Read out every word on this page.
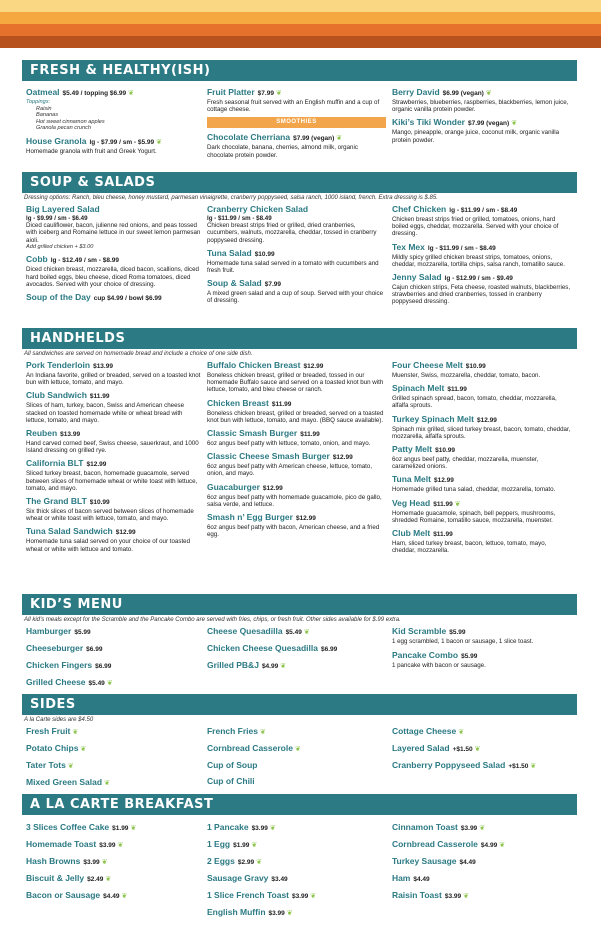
FRESH & HEALTHY(ISH)
Oatmeal $5.49 / topping $6.99 ❦
Toppings:
Raisin
Bananas
Hot sweet cinnamon apples
Granola pecan crunch
House Granola lg - $7.99 / sm - $5.99 ❦
Homemade granola with fruit and Greek Yogurt.
Fruit Platter $7.99 ❦
Fresh seasonal fruit served with an English muffin and a cup of cottage cheese.
SMOOTHIES
Chocolate Cherriana $7.99 (vegan) ❦
Dark chocolate, banana, cherries, almond milk, organic chocolate protein powder.
Berry David $6.99 (vegan) ❦
Strawberries, blueberries, raspberries, blackberries, lemon juice, organic vanilla protein powder.
Kiki’s Tiki Wonder $7.99 (vegan) ❦
Mango, pineapple, orange juice, coconut milk, organic vanilla protein powder.
SOUP & SALADS
Dressing options: Ranch, bleu cheese, honey mustard, parmesan vinaigrette, cranberry poppyseed, salsa ranch, 1000 island, french. Extra dressing is $.85.
Big Layered Salad
lg - $9.99 / sm - $6.49
Diced cauliflower, bacon, julienne red onions, and peas tossed with iceberg and Romaine lettuce in our sweet lemon parmesan aioli.
Add grilled chicken + $3.00
Cobb lg - $12.49 / sm - $8.99
Diced chicken breast, mozzarella, diced bacon, scallions, diced hard boiled eggs, bleu cheese, diced Roma tomatoes, diced avocados. Served with your choice of dressing.
Soup of the Day cup $4.99 / bowl $6.99
Cranberry Chicken Salad
lg - $11.99 / sm - $8.49
Chicken breast strips fried or grilled, dried cranberries, cucumbers, walnuts, mozzarella, cheddar, tossed in cranberry poppyseed dressing.
Tuna Salad $10.99
Homemade tuna salad served in a tomato with cucumbers and fresh fruit.
Soup & Salad $7.99
A mixed green salad and a cup of soup. Served with your choice of dressing.
Chef Chicken lg - $11.99 / sm - $8.49
Chicken breast strips fried or grilled, tomatoes, onions, hard boiled eggs, cheddar, mozzarella. Served with your choice of dressing.
Tex Mex lg - $11.99 / sm - $8.49
Mildly spicy grilled chicken breast strips, tomatoes, onions, cheddar, mozzarella, tortilla chips, salsa ranch, tomatillo sauce.
Jenny Salad lg - $12.99 / sm - $9.49
Cajun chicken strips, Feta cheese, roasted walnuts, blackberries, strawberries and dried cranberries, tossed in cranberry poppyseed dressing.
HANDHELDS
All sandwiches are served on homemade bread and include a choice of one side dish.
Pork Tenderloin $13.99
An Indiana favorite, grilled or breaded, served on a toasted knot bun with lettuce, tomato, and mayo.
Club Sandwich $11.99
Slices of ham, turkey, bacon, Swiss and American cheese stacked on toasted homemade white or wheat bread with lettuce, tomato, and mayo.
Reuben $13.99
Hand carved corned beef, Swiss cheese, sauerkraut, and 1000 Island dressing on grilled rye.
California BLT $12.99
Sliced turkey breast, bacon, homemade guacamole, served between slices of homemade wheat or white toast with lettuce, tomato, and mayo.
The Grand BLT $10.99
Six thick slices of bacon served between slices of homemade wheat or white toast with lettuce, tomato, and mayo.
Tuna Salad Sandwich $12.99
Homemade tuna salad served on your choice of our toasted wheat or white with lettuce and tomato.
Buffalo Chicken Breast $12.99
Boneless chicken breast, grilled or breaded, tossed in our homemade Buffalo sauce and served on a toasted knot bun with lettuce, tomato, and bleu cheese or ranch.
Chicken Breast $11.99
Boneless chicken breast, grilled or breaded, served on a toasted knot bun with lettuce, tomato, and mayo. (BBQ sauce available).
Classic Smash Burger $11.99
6oz angus beef patty with lettuce, tomato, onion, and mayo.
Classic Cheese Smash Burger $12.99
6oz angus beef patty with American cheese, lettuce, tomato, onion, and mayo.
Guacaburger $12.99
6oz angus beef patty with homemade guacamole, pico de gallo, salsa verde, and lettuce.
Smash n’ Egg Burger $12.99
6oz angus beef patty with bacon, American cheese, and a fried egg.
Four Cheese Melt $10.99
Muenster, Swiss, mozzarella, cheddar, tomato, bacon.
Spinach Melt $11.99
Grilled spinach spread, bacon, tomato, cheddar, mozzarella, alfalfa sprouts.
Turkey Spinach Melt $12.99
Spinach mix grilled, sliced turkey breast, bacon, tomato, cheddar, mozzarella, alfalfa sprouts.
Patty Melt $10.99
6oz angus beef patty, cheddar, mozzarella, muenster, caramelized onions.
Tuna Melt $12.99
Homemade grilled tuna salad, cheddar, mozzarella, tomato.
Veg Head $11.99 ❦
Homemade guacamole, spinach, bell peppers, mushrooms, shredded Romaine, tomatillo sauce, mozzarella, muenster.
Club Melt $11.99
Ham, sliced turkey breast, bacon, lettuce, tomato, mayo, cheddar, mozzarella.
KID’S MENU
All kid’s meals except for the Scramble and the Pancake Combo are served with fries, chips, or fresh fruit. Other sides available for $.99 extra.
Hamburger $5.99
Cheeseburger $6.99
Chicken Fingers $6.99
Grilled Cheese $5.49 ❦
Cheese Quesadilla $5.49 ❦
Chicken Cheese Quesadilla $6.99
Grilled PB&J $4.99 ❦
Kid Scramble $5.99
1 egg scrambled, 1 bacon or sausage, 1 slice toast.
Pancake Combo $5.99
1 pancake with bacon or sausage.
SIDES
A la Carte sides are $4.50
Fresh Fruit ❦
Potato Chips ❦
Tater Tots ❦
Mixed Green Salad ❦
French Fries ❦
Cornbread Casserole ❦
Cup of Soup
Cup of Chili
Cottage Cheese ❦
Layered Salad +$1.50 ❦
Cranberry Poppyseed Salad +$1.50 ❦
A LA CARTE BREAKFAST
3 Slices Coffee Cake $1.99 ❦
Homemade Toast $3.99 ❦
Hash Browns $3.99 ❦
Biscuit & Jelly $2.49 ❦
Bacon or Sausage $4.49 ❦
1 Pancake $3.99 ❦
1 Egg $1.99 ❦
2 Eggs $2.99 ❦
Sausage Gravy $3.49
1 Slice French Toast $3.99 ❦
English Muffin $3.99 ❦
Cinnamon Toast $3.99 ❦
Cornbread Casserole $4.99 ❦
Turkey Sausage $4.49
Ham $4.49
Raisin Toast $3.99 ❦
